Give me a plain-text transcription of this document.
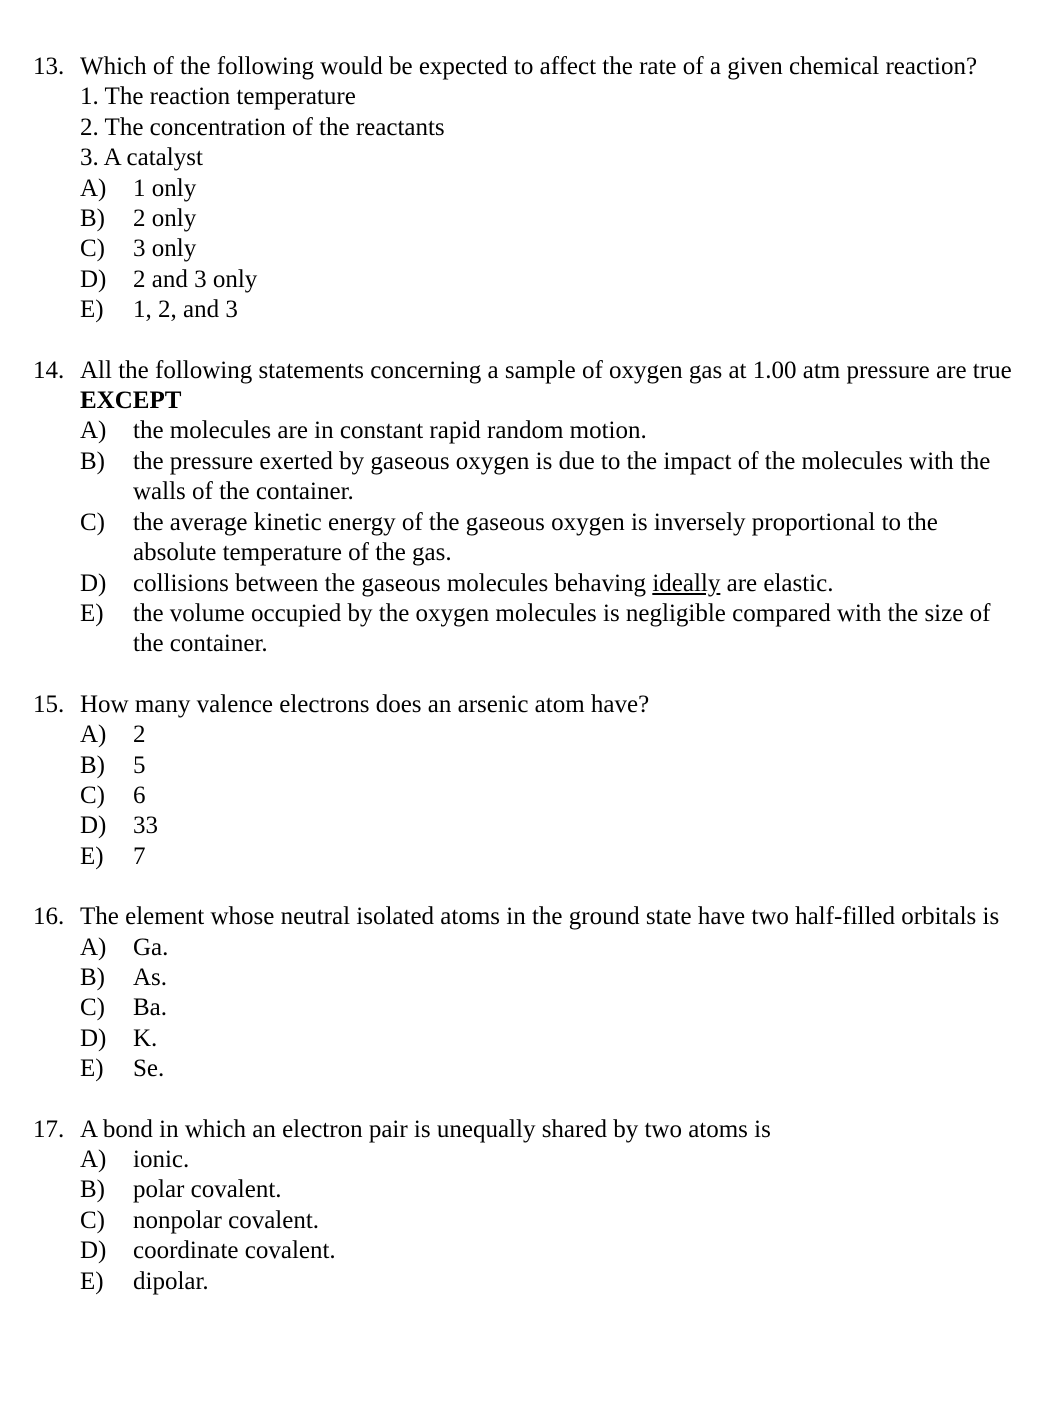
13. Which of the following would be expected to affect the rate of a given chemical reaction?
1. The reaction temperature
2. The concentration of the reactants
3. A catalyst
A) 1 only
B) 2 only
C) 3 only
D) 2 and 3 only
E) 1, 2, and 3
14. All the following statements concerning a sample of oxygen gas at 1.00 atm pressure are true EXCEPT
A) the molecules are in constant rapid random motion.
B) the pressure exerted by gaseous oxygen is due to the impact of the molecules with the walls of the container.
C) the average kinetic energy of the gaseous oxygen is inversely proportional to the absolute temperature of the gas.
D) collisions between the gaseous molecules behaving ideally are elastic.
E) the volume occupied by the oxygen molecules is negligible compared with the size of the container.
15. How many valence electrons does an arsenic atom have?
A) 2
B) 5
C) 6
D) 33
E) 7
16. The element whose neutral isolated atoms in the ground state have two half-filled orbitals is
A) Ga.
B) As.
C) Ba.
D) K.
E) Se.
17. A bond in which an electron pair is unequally shared by two atoms is
A) ionic.
B) polar covalent.
C) nonpolar covalent.
D) coordinate covalent.
E) dipolar.
